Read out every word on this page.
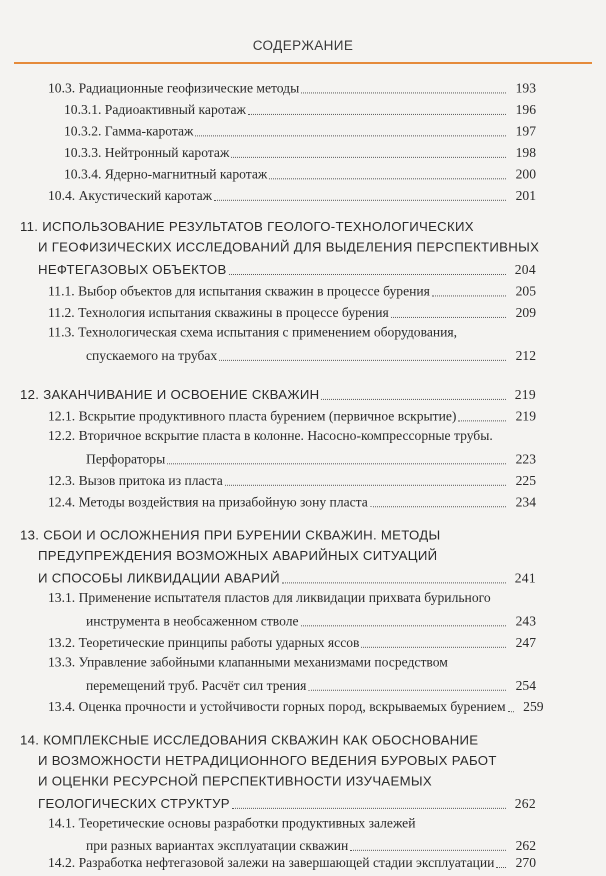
СОДЕРЖАНИЕ
10.3. Радиационные геофизические методы	193
10.3.1. Радиоактивный каротаж	196
10.3.2. Гамма-каротаж	197
10.3.3. Нейтронный каротаж	198
10.3.4. Ядерно-магнитный каротаж	200
10.4. Акустический каротаж	201
11. ИСПОЛЬЗОВАНИЕ РЕЗУЛЬТАТОВ ГЕОЛОГО-ТЕХНОЛОГИЧЕСКИХ
И ГЕОФИЗИЧЕСКИХ ИССЛЕДОВАНИЙ ДЛЯ ВЫДЕЛЕНИЯ ПЕРСПЕКТИВНЫХ
НЕФТЕГАЗОВЫХ ОБЪЕКТОВ	204
11.1. Выбор объектов для испытания скважин в процессе бурения	205
11.2. Технология испытания скважины в процессе бурения	209
11.3. Технологическая схема испытания с применением оборудования,
спускаемого на трубах	212
12. ЗАКАНЧИВАНИЕ И ОСВОЕНИЕ СКВАЖИН	219
12.1. Вскрытие продуктивного пласта бурением (первичное вскрытие)	219
12.2. Вторичное вскрытие пласта в колонне. Насосно-компрессорные трубы.
Перфораторы	223
12.3. Вызов притока из пласта	225
12.4. Методы воздействия на призабойную зону пласта	234
13. СБОИ И ОСЛОЖНЕНИЯ ПРИ БУРЕНИИ СКВАЖИН. МЕТОДЫ
ПРЕДУПРЕЖДЕНИЯ ВОЗМОЖНЫХ АВАРИЙНЫХ СИТУАЦИЙ
И СПОСОБЫ ЛИКВИДАЦИИ АВАРИЙ	241
13.1. Применение испытателя пластов для ликвидации прихвата бурильного
инструмента в необсаженном стволе	243
13.2. Теоретические принципы работы ударных яссов	247
13.3. Управление забойными клапанными механизмами посредством
перемещений труб. Расчёт сил трения	254
13.4. Оценка прочности и устойчивости горных пород, вскрываемых бурением	259
14. КОМПЛЕКСНЫЕ ИССЛЕДОВАНИЯ СКВАЖИН КАК ОБОСНОВАНИЕ
И ВОЗМОЖНОСТИ НЕТРАДИЦИОННОГО ВЕДЕНИЯ БУРОВЫХ РАБОТ
И ОЦЕНКИ РЕСУРСНОЙ ПЕРСПЕКТИВНОСТИ ИЗУЧАЕМЫХ
ГЕОЛОГИЧЕСКИХ СТРУКТУР	262
14.1. Теоретические основы разработки продуктивных залежей
при разных вариантах эксплуатации скважин	262
14.2. Разработка нефтегазовой залежи на завершающей стадии эксплуатации	270
